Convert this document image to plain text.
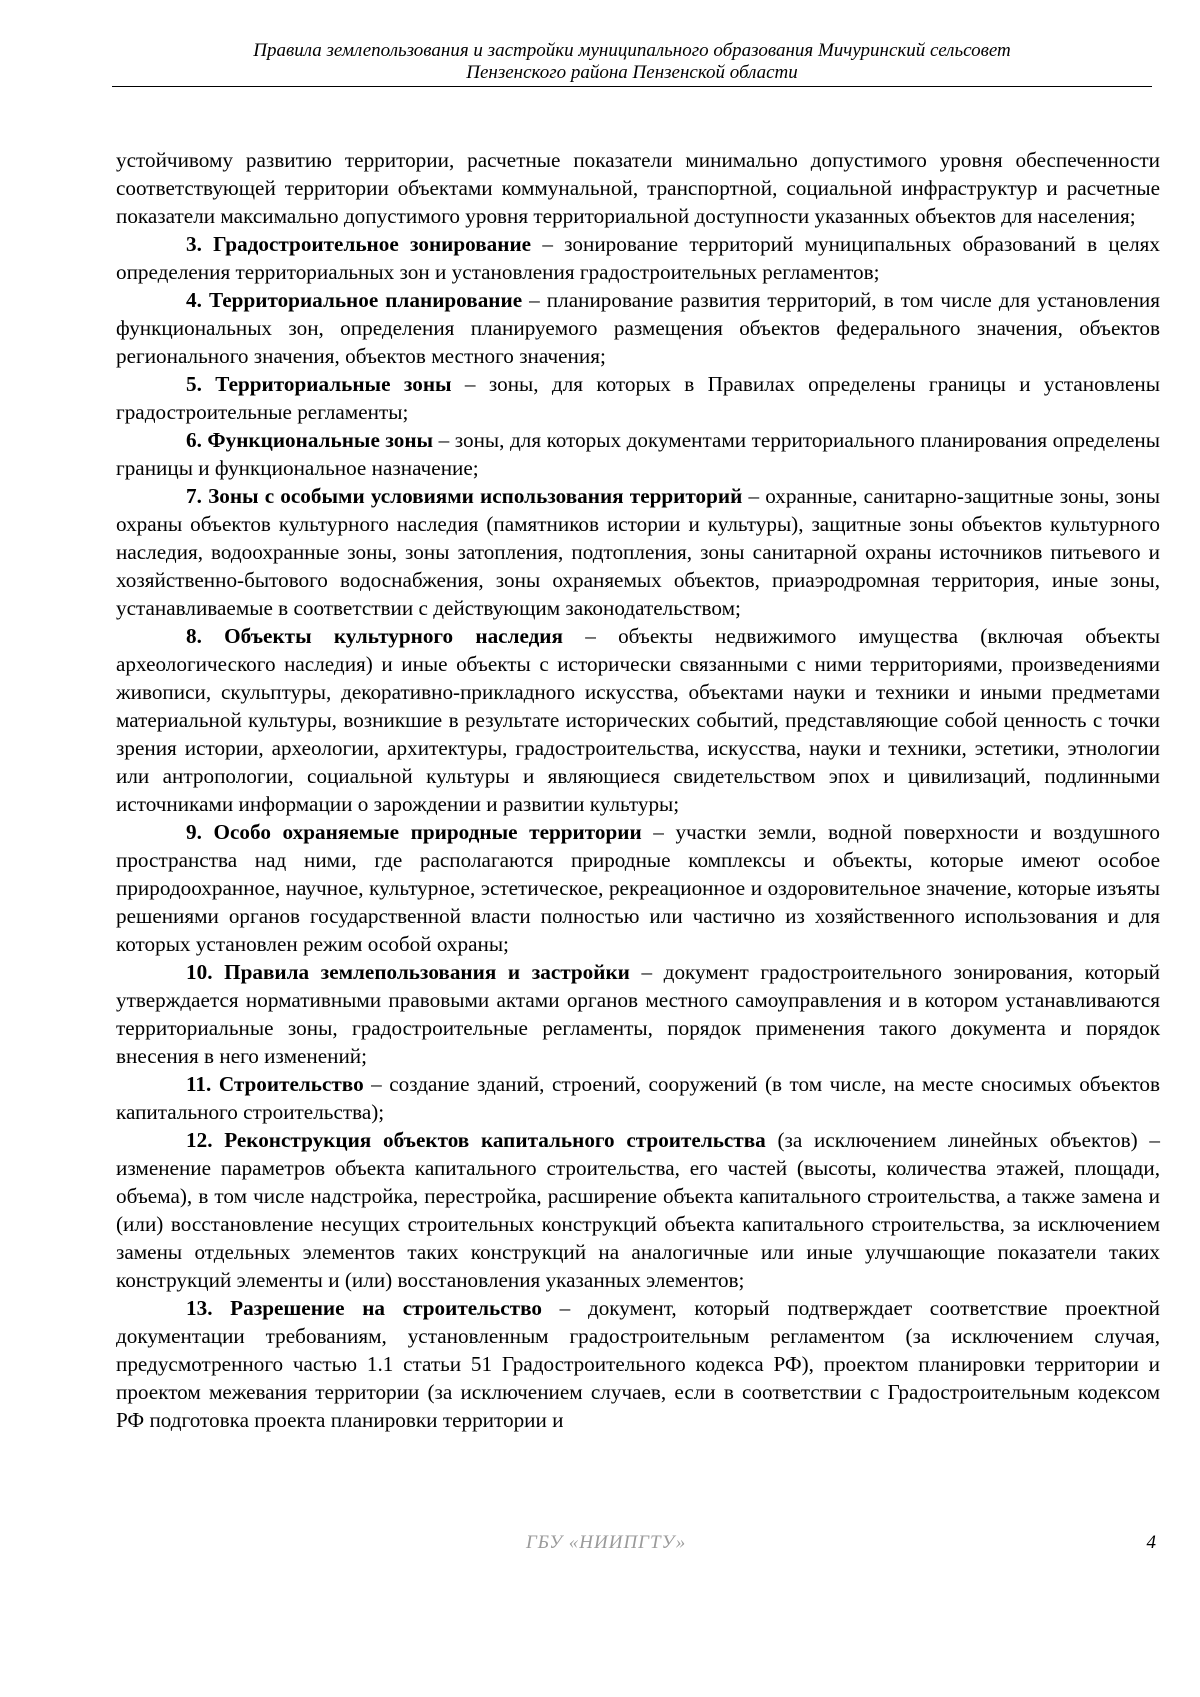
Правила землепользования и застройки муниципального образования Мичуринский сельсовет
Пензенского района Пензенской области

устойчивому развитию территории, расчетные показатели минимально допустимого уровня обеспеченности соответствующей территории объектами коммунальной, транспортной, социальной инфраструктур и расчетные показатели максимально допустимого уровня территориальной доступности указанных объектов для населения;

3. Градостроительное зонирование – зонирование территорий муниципальных образований в целях определения территориальных зон и установления градостроительных регламентов;

4. Территориальное планирование – планирование развития территорий, в том числе для установления функциональных зон, определения планируемого размещения объектов федерального значения, объектов регионального значения, объектов местного значения;

5. Территориальные зоны – зоны, для которых в Правилах определены границы и установлены градостроительные регламенты;

6. Функциональные зоны – зоны, для которых документами территориального планирования определены границы и функциональное назначение;

7. Зоны с особыми условиями использования территорий – охранные, санитарно-защитные зоны, зоны охраны объектов культурного наследия (памятников истории и культуры), защитные зоны объектов культурного наследия, водоохранные зоны, зоны затопления, подтопления, зоны санитарной охраны источников питьевого и хозяйственно-бытового водоснабжения, зоны охраняемых объектов, приаэродромная территория, иные зоны, устанавливаемые в соответствии с действующим законодательством;

8. Объекты культурного наследия – объекты недвижимого имущества (включая объекты археологического наследия) и иные объекты с исторически связанными с ними территориями, произведениями живописи, скульптуры, декоративно-прикладного искусства, объектами науки и техники и иными предметами материальной культуры, возникшие в результате исторических событий, представляющие собой ценность с точки зрения истории, археологии, архитектуры, градостроительства, искусства, науки и техники, эстетики, этнологии или антропологии, социальной культуры и являющиеся свидетельством эпох и цивилизаций, подлинными источниками информации о зарождении и развитии культуры;

9. Особо охраняемые природные территории – участки земли, водной поверхности и воздушного пространства над ними, где располагаются природные комплексы и объекты, которые имеют особое природоохранное, научное, культурное, эстетическое, рекреационное и оздоровительное значение, которые изъяты решениями органов государственной власти полностью или частично из хозяйственного использования и для которых установлен режим особой охраны;

10. Правила землепользования и застройки – документ градостроительного зонирования, который утверждается нормативными правовыми актами органов местного самоуправления и в котором устанавливаются территориальные зоны, градостроительные регламенты, порядок применения такого документа и порядок внесения в него изменений;

11. Строительство – создание зданий, строений, сооружений (в том числе, на месте сносимых объектов капитального строительства);

12. Реконструкция объектов капитального строительства (за исключением линейных объектов) – изменение параметров объекта капитального строительства, его частей (высоты, количества этажей, площади, объема), в том числе надстройка, перестройка, расширение объекта капитального строительства, а также замена и (или) восстановление несущих строительных конструкций объекта капитального строительства, за исключением замены отдельных элементов таких конструкций на аналогичные или иные улучшающие показатели таких конструкций элементы и (или) восстановления указанных элементов;

13. Разрешение на строительство – документ, который подтверждает соответствие проектной документации требованиям, установленным градостроительным регламентом (за исключением случая, предусмотренного частью 1.1 статьи 51 Градостроительного кодекса РФ), проектом планировки территории и проектом межевания территории (за исключением случаев, если в соответствии с Градостроительным кодексом РФ подготовка проекта планировки территории и

ГБУ «НИИПГТУ»	4
